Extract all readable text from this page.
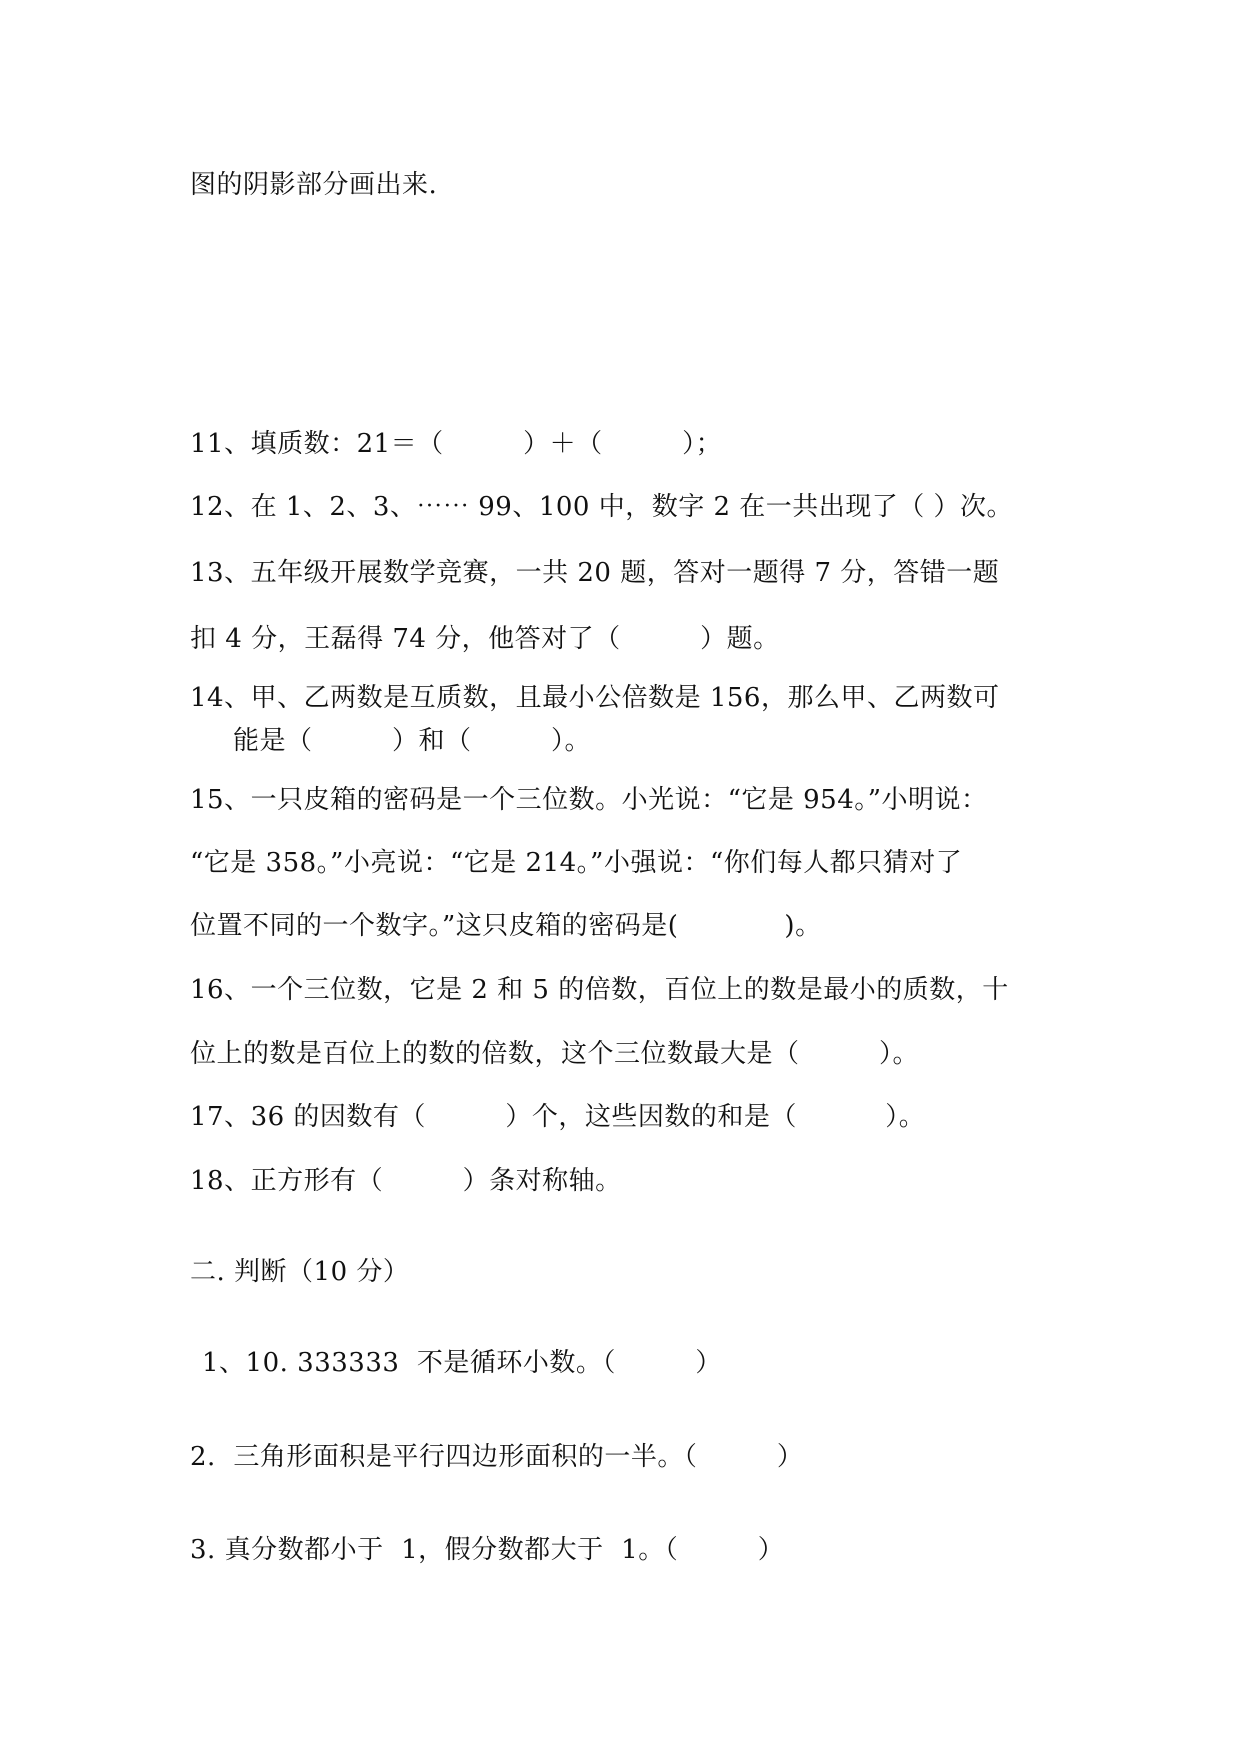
图的阴影部分画出来.
11、填质数：21＝（　　　）＋（　　　）；
12、在 1、2、3、⋯⋯ 99、100 中，数字 2 在一共出现了（ ）次。
13、五年级开展数学竞赛，一共 20 题，答对一题得 7 分，答错一题
扣 4 分，王磊得 74 分，他答对了（　　　）题。
14、甲、乙两数是互质数，且最小公倍数是 156，那么甲、乙两数可
能是（　　　）和（　　　）。
15、一只皮箱的密码是一个三位数。小光说：“它是 954。”小明说：
“它是 358。”小亮说：“它是 214。”小强说：“你们每人都只猜对了
位置不同的一个数字。”这只皮箱的密码是(　　　　)。
16、一个三位数，它是 2 和 5 的倍数，百位上的数是最小的质数，十
位上的数是百位上的数的倍数，这个三位数最大是（　　　）。
17、36 的因数有（　　　）个，这些因数的和是（　　　 ）。
18、正方形有（　　　）条对称轴。
二. 判断（10 分）
1、10. 333333  不是循环小数。（　　　）
2.  三角形面积是平行四边形面积的一半。（　　　）
3. 真分数都小于  1，假分数都大于  1。（　　　）
